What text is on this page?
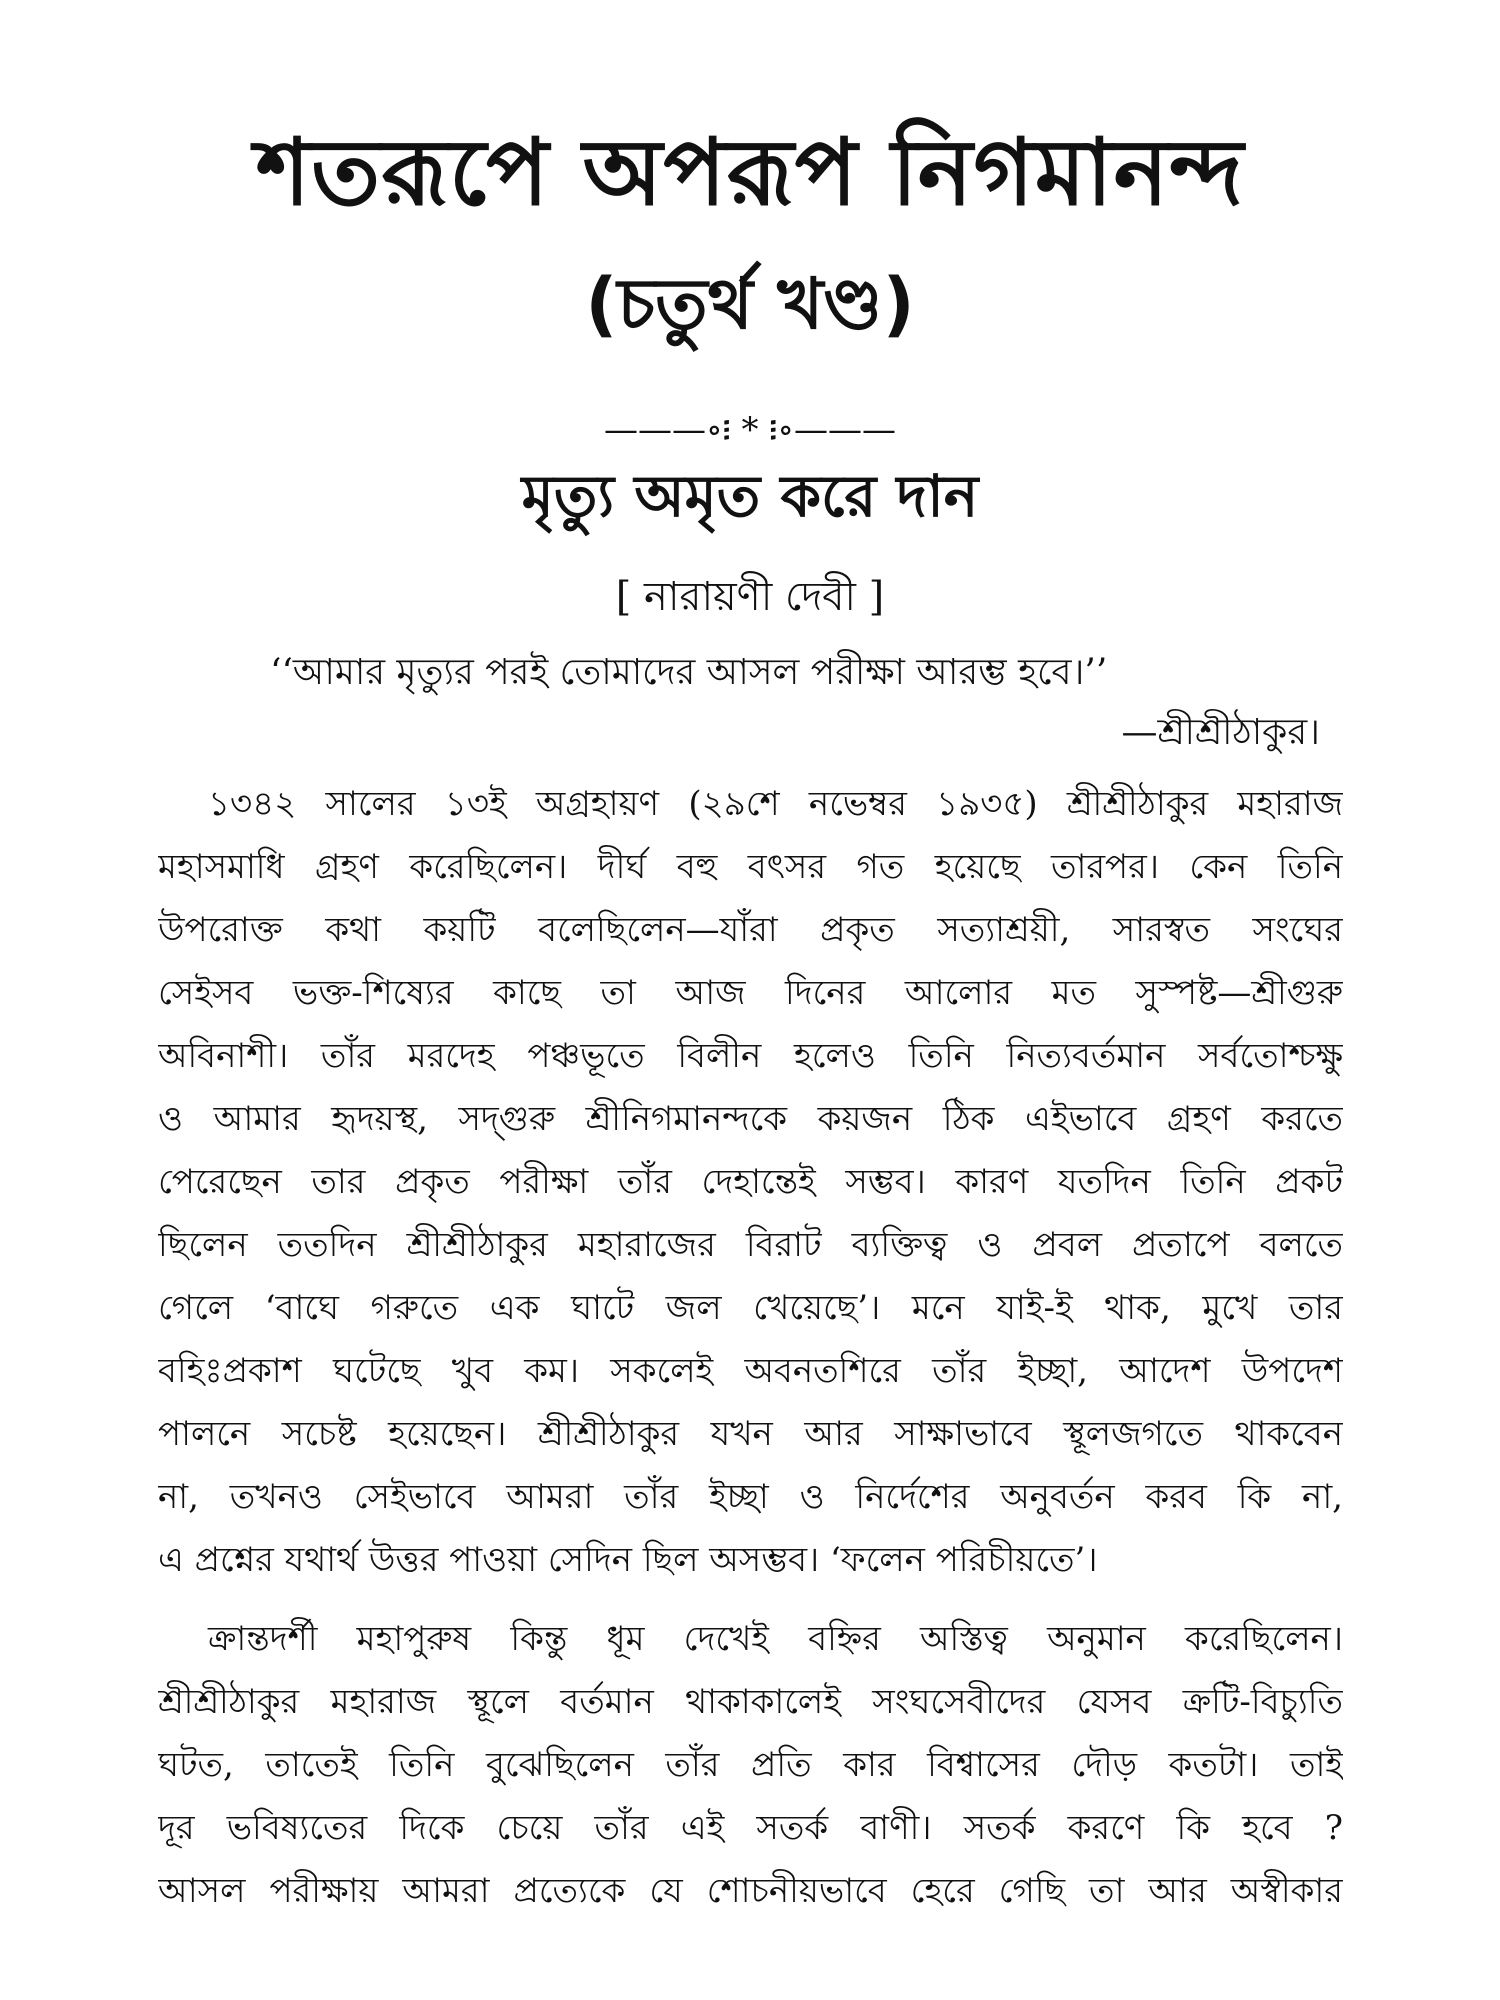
শতরূপে অপরূপ নিগমানন্দ
(চতুর্থ খণ্ড)
———∘፧ * ፧∘———
মৃত্যু অমৃত করে দান
[ নারায়ণী দেবী ]
‘‘আমার মৃত্যুর পরই তোমাদের আসল পরীক্ষা আরম্ভ হবে।’’
—শ্রীশ্রীঠাকুর।
১৩৪২ সালের ১৩ই অগ্রহায়ণ (২৯শে নভেম্বর ১৯৩৫) শ্রীশ্রীঠাকুর মহারাজ
মহাসমাধি গ্রহণ করেছিলেন। দীর্ঘ বহু বৎসর গত হয়েছে তারপর। কেন তিনি
উপরোক্ত কথা কয়টি বলেছিলেন—যাঁরা প্রকৃত সত্যাশ্রয়ী, সারস্বত সংঘের
সেইসব ভক্ত-শিষ্যের কাছে তা আজ দিনের আলোর মত সুস্পষ্ট—শ্রীগুরু
অবিনাশী। তাঁর মরদেহ পঞ্চভূতে বিলীন হলেও তিনি নিত্যবর্তমান সর্বতোশ্চক্ষু
ও আমার হৃদয়স্থ, সদ্গুরু শ্রীনিগমানন্দকে কয়জন ঠিক এইভাবে গ্রহণ করতে
পেরেছেন তার প্রকৃত পরীক্ষা তাঁর দেহান্তেই সম্ভব। কারণ যতদিন তিনি প্রকট
ছিলেন ততদিন শ্রীশ্রীঠাকুর মহারাজের বিরাট ব্যক্তিত্ব ও প্রবল প্রতাপে বলতে
গেলে ‘বাঘে গরুতে এক ঘাটে জল খেয়েছে’। মনে যাই-ই থাক, মুখে তার
বহিঃপ্রকাশ ঘটেছে খুব কম। সকলেই অবনতশিরে তাঁর ইচ্ছা, আদেশ উপদেশ
পালনে সচেষ্ট হয়েছেন। শ্রীশ্রীঠাকুর যখন আর সাক্ষাভাবে স্থূলজগতে থাকবেন
না, তখনও সেইভাবে আমরা তাঁর ইচ্ছা ও নির্দেশের অনুবর্তন করব কি না,
এ প্রশ্নের যথার্থ উত্তর পাওয়া সেদিন ছিল অসম্ভব। ‘ফলেন পরিচীয়তে’।
ক্রান্তদর্শী মহাপুরুষ কিন্তু ধূম দেখেই বহ্নির অস্তিত্ব অনুমান করেছিলেন।
শ্রীশ্রীঠাকুর মহারাজ স্থূলে বর্তমান থাকাকালেই সংঘসেবীদের যেসব ক্রটি-বিচ্যুতি
ঘটত, তাতেই তিনি বুঝেছিলেন তাঁর প্রতি কার বিশ্বাসের দৌড় কতটা। তাই
দূর ভবিষ্যতের দিকে চেয়ে তাঁর এই সতর্ক বাণী। সতর্ক করণে কি হবে ?
আসল পরীক্ষায় আমরা প্রত্যেকে যে শোচনীয়ভাবে হেরে গেছি তা আর অস্বীকার
